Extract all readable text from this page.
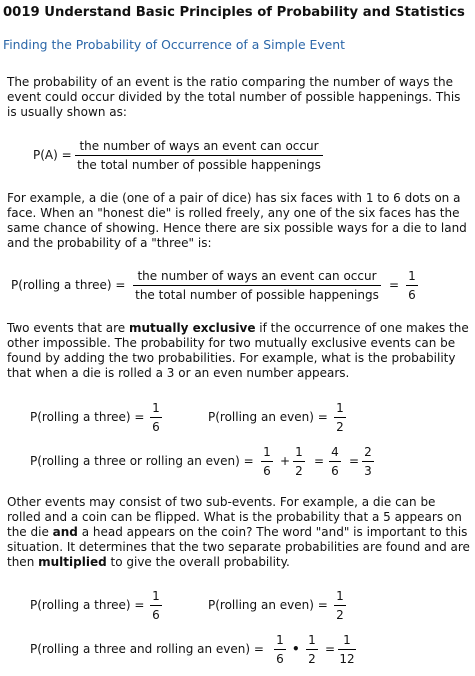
0019 Understand Basic Principles of Probability and Statistics
Finding the Probability of Occurrence of a Simple Event
The probability of an event is the ratio comparing the number of ways the event could occur divided by the total number of possible happenings. This is usually shown as:
P(A) =
the number of ways an event can occur
the total number of possible happenings
For example, a die (one of a pair of dice) has six faces with 1 to 6 dots on a face. When an "honest die" is rolled freely, any one of the six faces has the same chance of showing. Hence there are six possible ways for a die to land and the probability of a "three" is:
P(rolling a three) =
the number of ways an event can occur
the total number of possible happenings
=
1
6
Two events that are mutually exclusive if the occurrence of one makes the other impossible. The probability for two mutually exclusive events can be found by adding the two probabilities. For example, what is the probability that when a die is rolled a 3 or an even number appears.
P(rolling a three) =
1
6
P(rolling an even) =
1
2
P(rolling a three or rolling an even) =
1
6
+
1
2
=
4
6
=
2
3
Other events may consist of two sub-events. For example, a die can be rolled and a coin can be flipped. What is the probability that a 5 appears on the die and a head appears on the coin? The word "and" is important to this situation. It determines that the two separate probabilities are found and are then multiplied to give the overall probability.
P(rolling a three) =
1
6
P(rolling an even) =
1
2
P(rolling a three and rolling an even) =
1
6
•
1
2
=
1
12
